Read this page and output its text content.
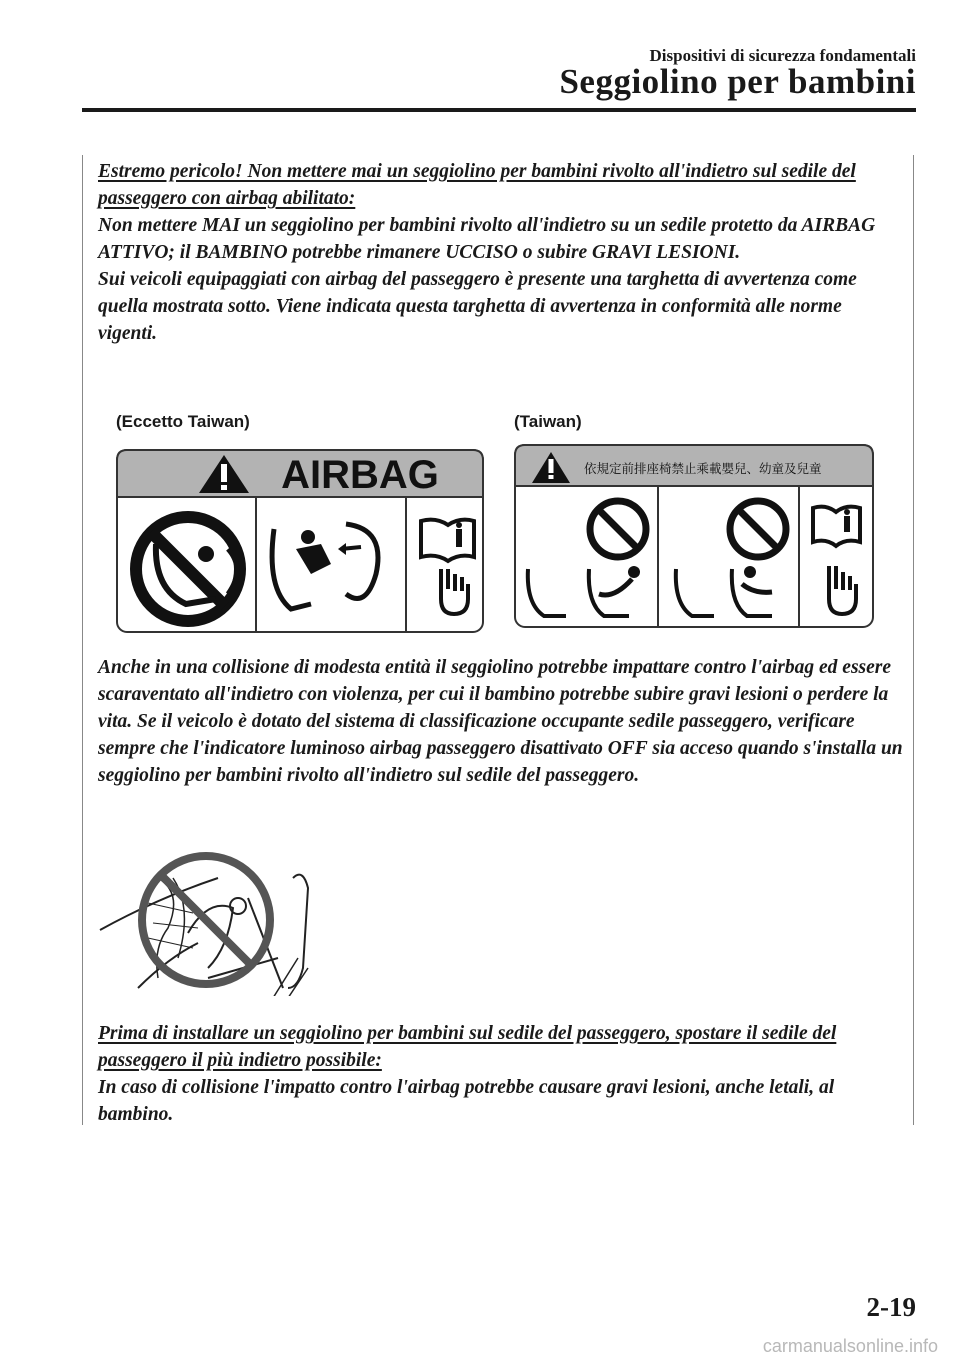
Dispositivi di sicurezza fondamentali
Seggiolino per bambini

Estremo pericolo! Non mettere mai un seggiolino per bambini rivolto all'indietro sul sedile del passeggero con airbag abilitato:

Non mettere MAI un seggiolino per bambini rivolto all'indietro su un sedile protetto da AIRBAG ATTIVO; il BAMBINO potrebbe rimanere UCCISO o subire GRAVI LESIONI.

Sui veicoli equipaggiati con airbag del passeggero è presente una targhetta di avvertenza come quella mostrata sotto. Viene indicata questa targhetta di avvertenza in conformità alle norme vigenti.

(Eccetto Taiwan)	(Taiwan)
AIRBAG	依規定前排座椅禁止乘載嬰兒、幼童及兒童

Anche in una collisione di modesta entità il seggiolino potrebbe impattare contro l'airbag ed essere scaraventato all'indietro con violenza, per cui il bambino potrebbe subire gravi lesioni o perdere la vita. Se il veicolo è dotato del sistema di classificazione occupante sedile passeggero, verificare sempre che l'indicatore luminoso airbag passeggero disattivato OFF sia acceso quando s'installa un seggiolino per bambini rivolto all'indietro sul sedile del passeggero.

Prima di installare un seggiolino per bambini sul sedile del passeggero, spostare il sedile del passeggero il più indietro possibile:

In caso di collisione l'impatto contro l'airbag potrebbe causare gravi lesioni, anche letali, al bambino.

2-19
carmanualsonline.info
